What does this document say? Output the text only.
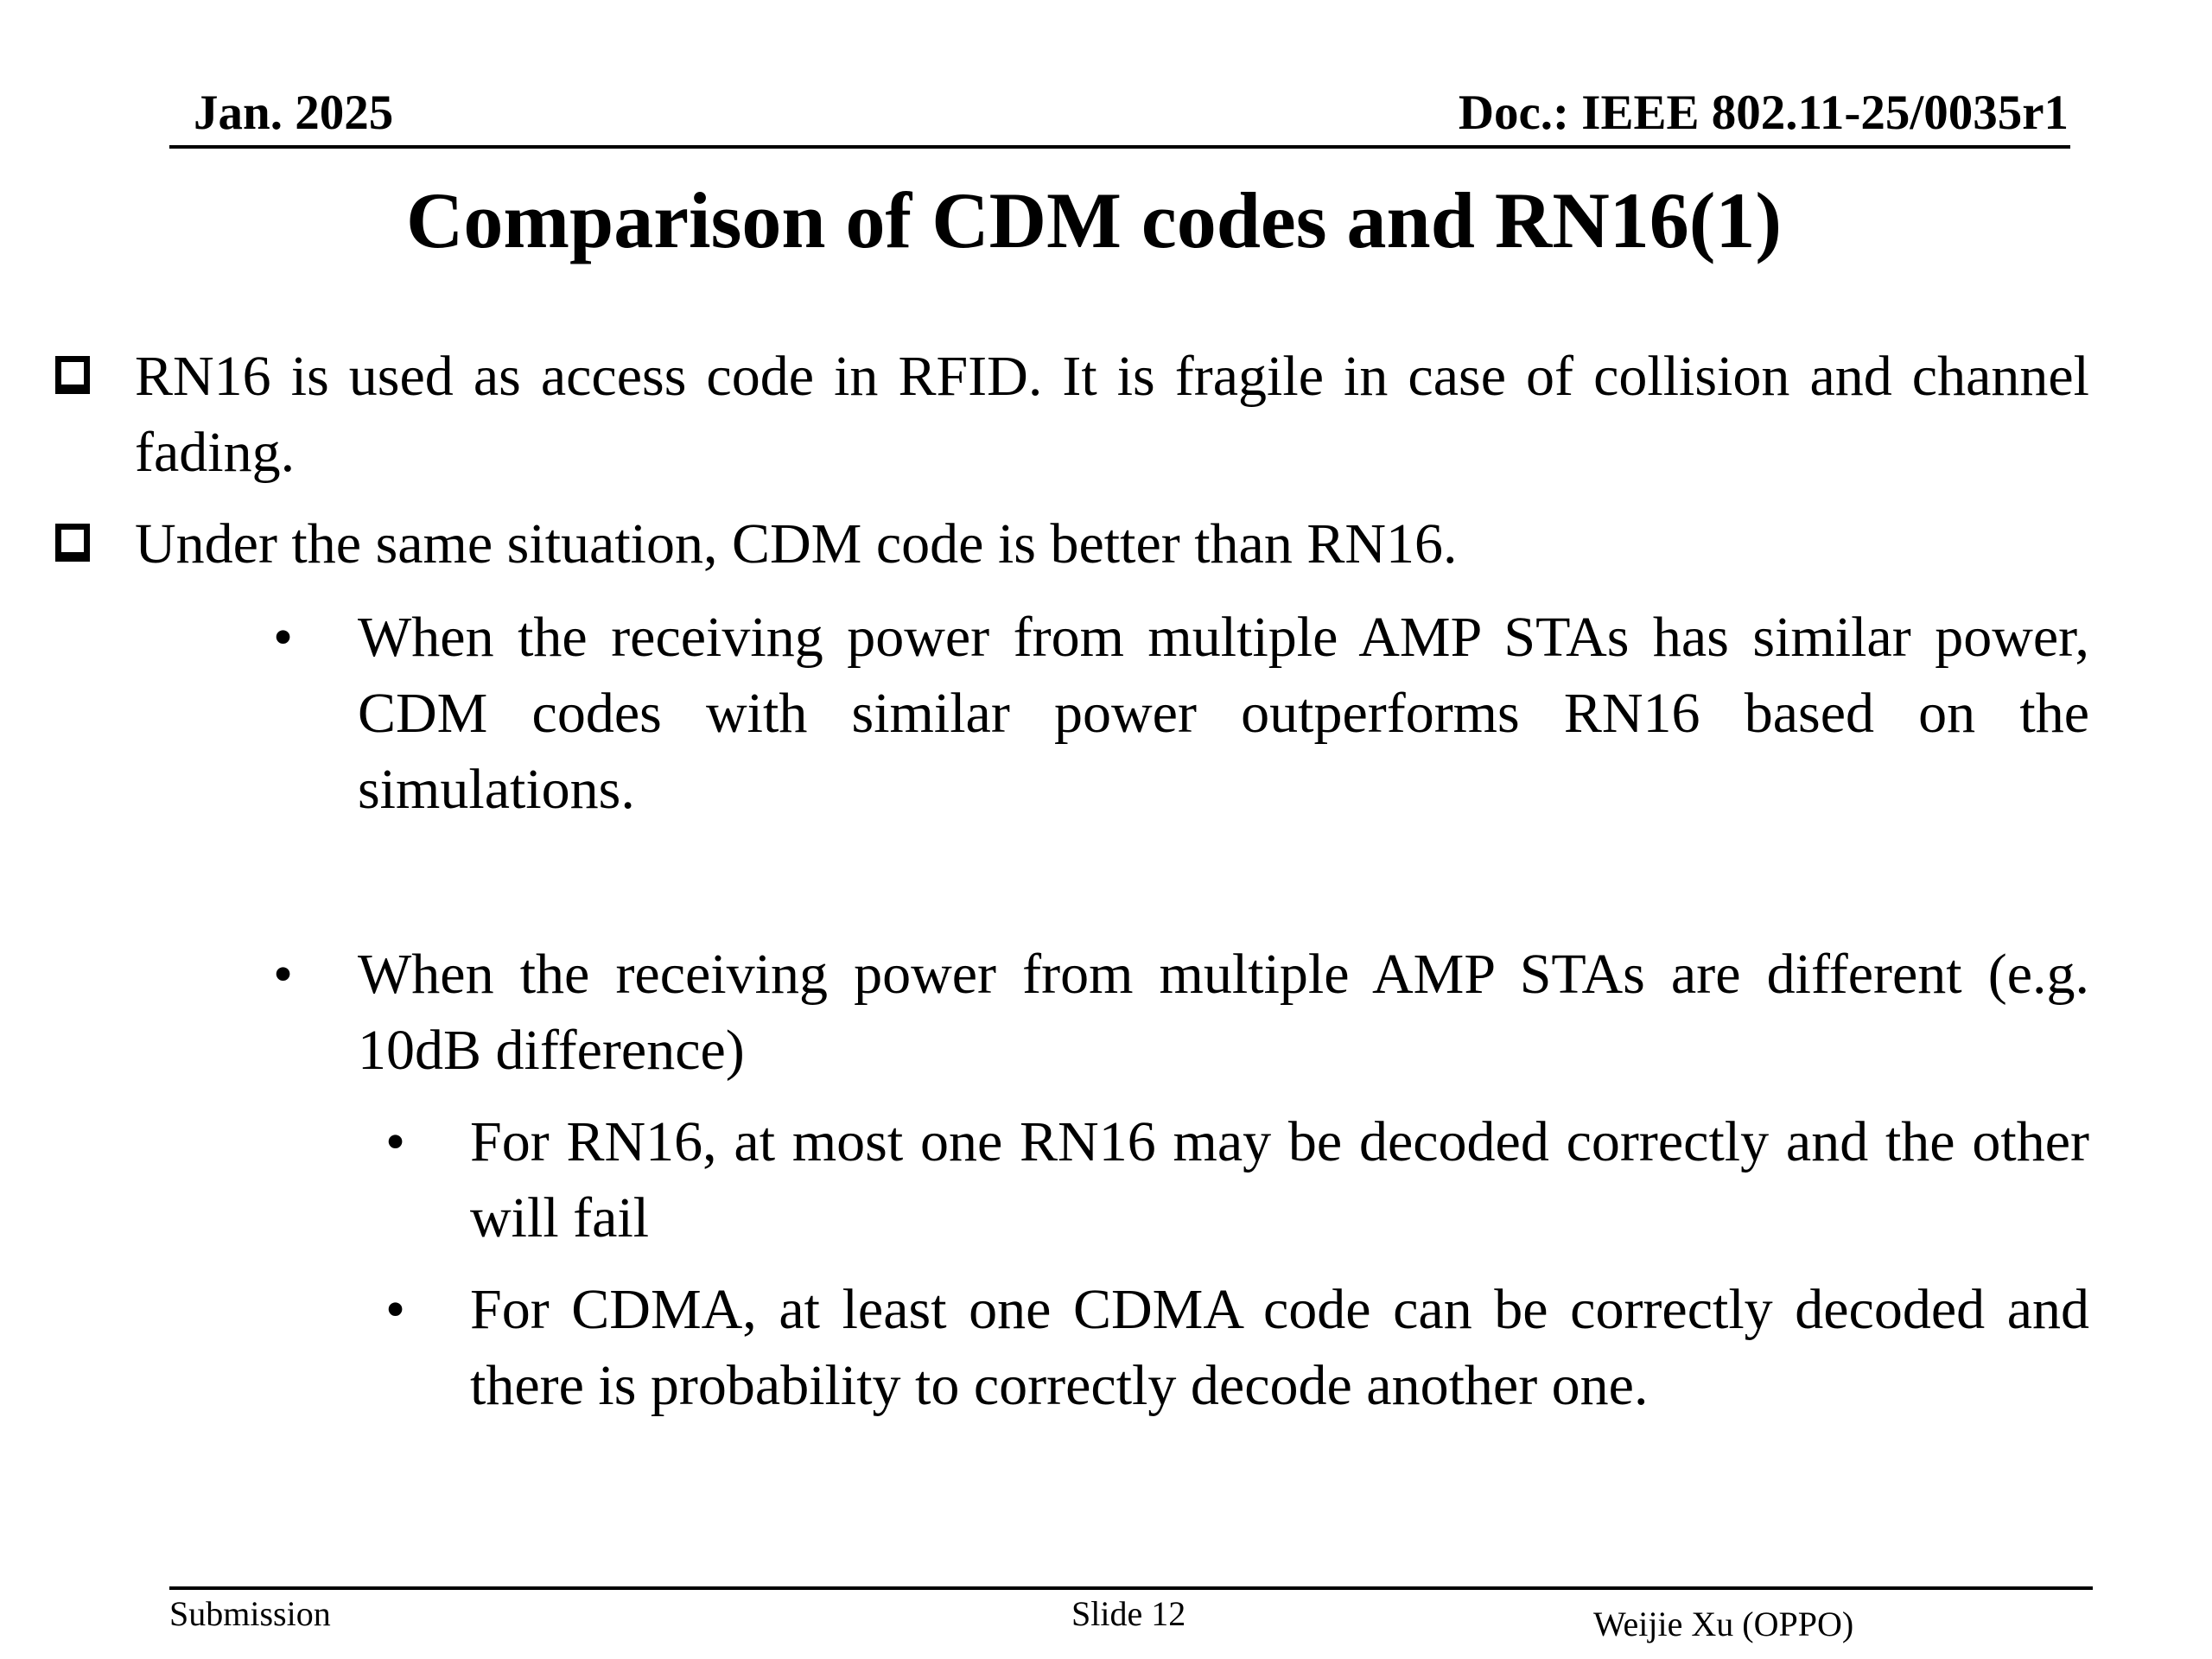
Jan. 2025	Doc.: IEEE 802.11-25/0035r1
Comparison of CDM codes and RN16(1)
RN16 is used as access code in RFID. It is fragile in case of collision and channel fading.
Under the same situation, CDM code is better than RN16.
• When the receiving power from multiple AMP STAs has similar power, CDM codes with similar power outperforms RN16 based on the simulations.
• When the receiving power from multiple AMP STAs are different (e.g. 10dB difference)
• For RN16, at most one RN16 may be decoded correctly and the other will fail
• For CDMA, at least one CDMA code can be correctly decoded and there is probability to correctly decode another one.
Submission	Slide 12	Weijie Xu (OPPO)
